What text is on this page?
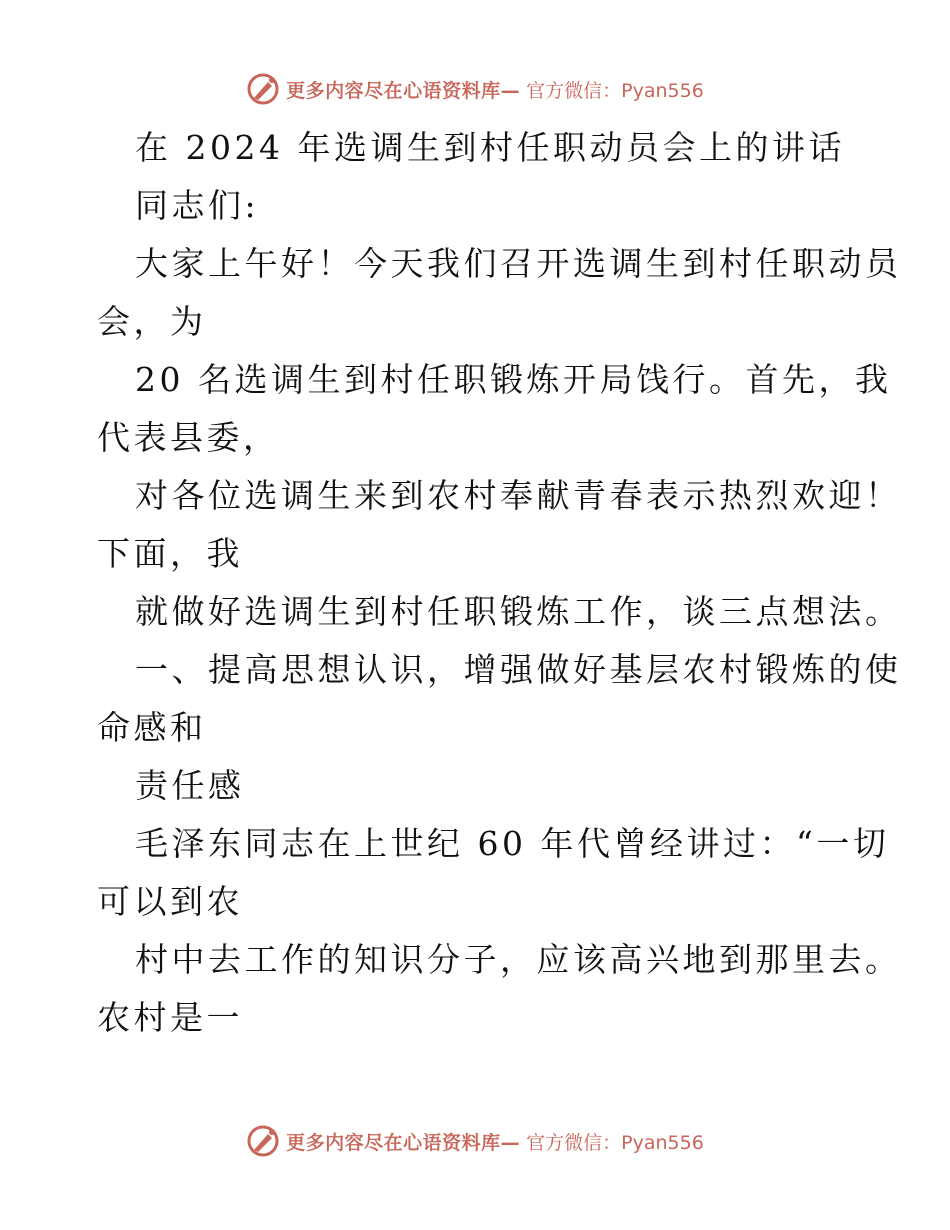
更多内容尽在心语资料库— 官方微信：Pyan556
在 2024 年选调生到村任职动员会上的讲话
同志们:
大家上午好！今天我们召开选调生到村任职动员
会，为
20 名选调生到村任职锻炼开局饯行。首先，我
代表县委，
对各位选调生来到农村奉献青春表示热烈欢迎！
下面，我
就做好选调生到村任职锻炼工作，谈三点想法。
一、提高思想认识，增强做好基层农村锻炼的使
命感和
责任感
毛泽东同志在上世纪 60 年代曾经讲过：“一切
可以到农
村中去工作的知识分子，应该高兴地到那里去。
农村是一
更多内容尽在心语资料库— 官方微信：Pyan556
